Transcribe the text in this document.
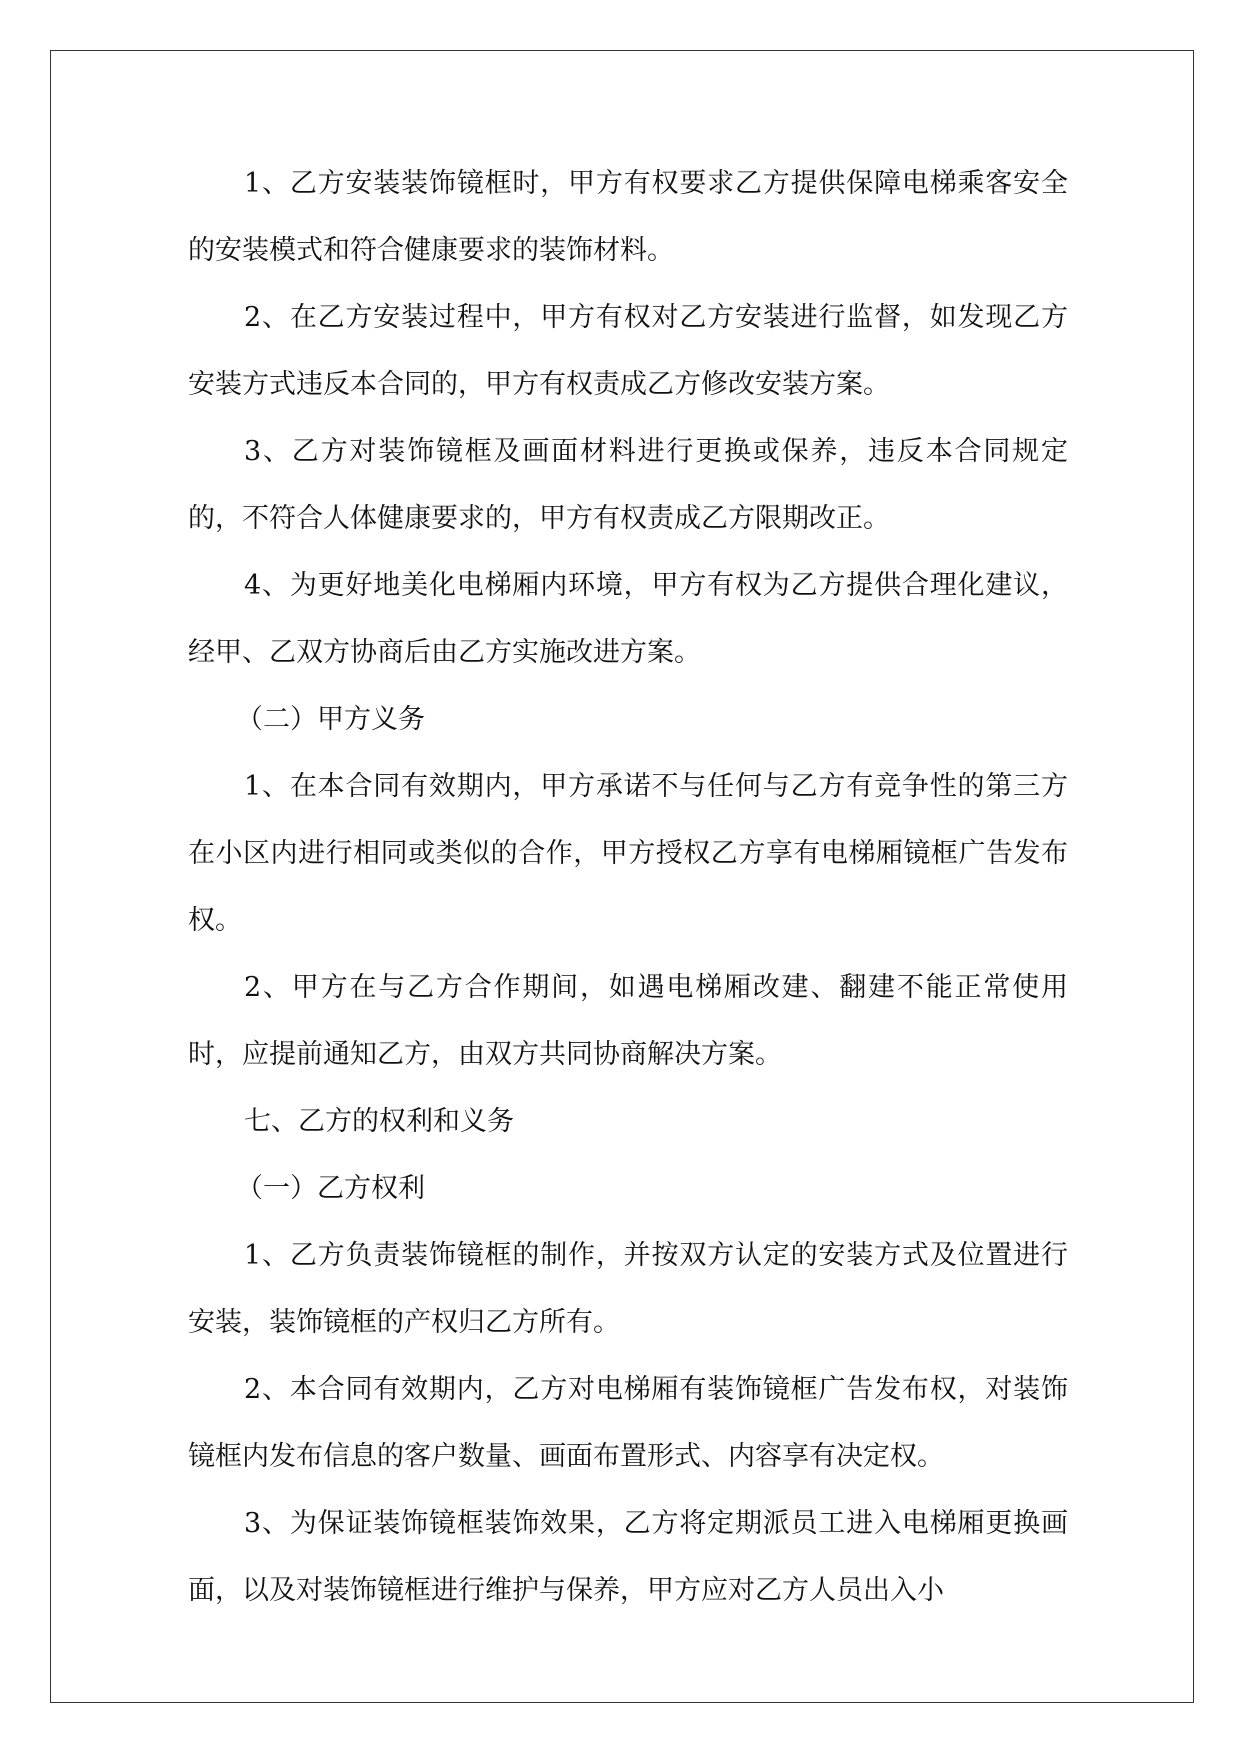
1、乙方安装装饰镜框时，甲方有权要求乙方提供保障电梯乘客安全的安装模式和符合健康要求的装饰材料。

2、在乙方安装过程中，甲方有权对乙方安装进行监督，如发现乙方安装方式违反本合同的，甲方有权责成乙方修改安装方案。

3、乙方对装饰镜框及画面材料进行更换或保养，违反本合同规定的，不符合人体健康要求的，甲方有权责成乙方限期改正。

4、为更好地美化电梯厢内环境，甲方有权为乙方提供合理化建议，经甲、乙双方协商后由乙方实施改进方案。

（二）甲方义务

1、在本合同有效期内，甲方承诺不与任何与乙方有竞争性的第三方在小区内进行相同或类似的合作，甲方授权乙方享有电梯厢镜框广告发布权。

2、甲方在与乙方合作期间，如遇电梯厢改建、翻建不能正常使用时，应提前通知乙方，由双方共同协商解决方案。

七、乙方的权利和义务

（一）乙方权利

1、乙方负责装饰镜框的制作，并按双方认定的安装方式及位置进行安装，装饰镜框的产权归乙方所有。

2、本合同有效期内，乙方对电梯厢有装饰镜框广告发布权，对装饰镜框内发布信息的客户数量、画面布置形式、内容享有决定权。

3、为保证装饰镜框装饰效果，乙方将定期派员工进入电梯厢更换画面，以及对装饰镜框进行维护与保养，甲方应对乙方人员出入小
